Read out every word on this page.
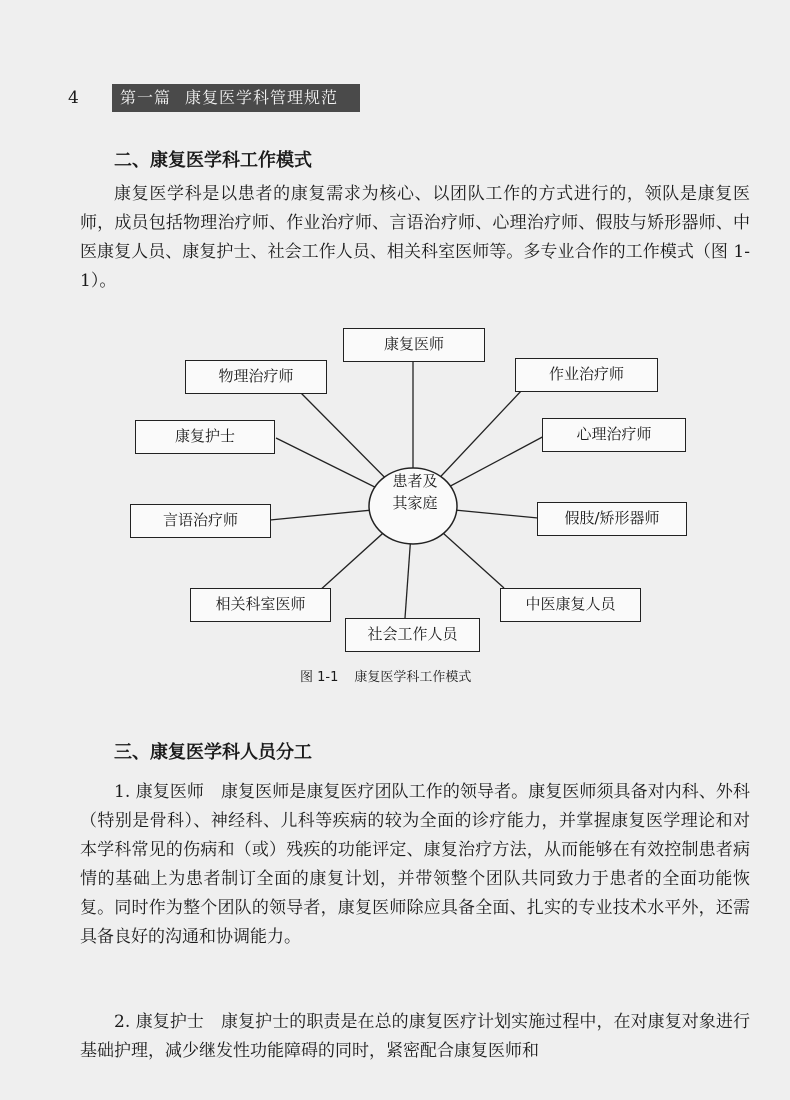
4	第一篇 康复医学科管理规范
二、康复医学科工作模式

康复医学科是以患者的康复需求为核心、以团队工作的方式进行的，领队是康复医师，成员包括物理治疗师、作业治疗师、言语治疗师、心理治疗师、假肢与矫形器师、中医康复人员、康复护士、社会工作人员、相关科室医师等。多专业合作的工作模式（图 1-1）。

患者及
其家庭
康复医师
物理治疗师	作业治疗师
康复护士	心理治疗师
言语治疗师	假肢/矫形器师
相关科室医师	中医康复人员
社会工作人员
图 1-1 康复医学科工作模式
三、康复医学科人员分工

1. 康复医师　康复医师是康复医疗团队工作的领导者。康复医师须具备对内科、外科（特别是骨科）、神经科、儿科等疾病的较为全面的诊疗能力，并掌握康复医学理论和对本学科常见的伤病和（或）残疾的功能评定、康复治疗方法，从而能够在有效控制患者病情的基础上为患者制订全面的康复计划，并带领整个团队共同致力于患者的全面功能恢复。同时作为整个团队的领导者，康复医师除应具备全面、扎实的专业技术水平外，还需具备良好的沟通和协调能力。

2. 康复护士　康复护士的职责是在总的康复医疗计划实施过程中，在对康复对象进行基础护理，减少继发性功能障碍的同时，紧密配合康复医师和
